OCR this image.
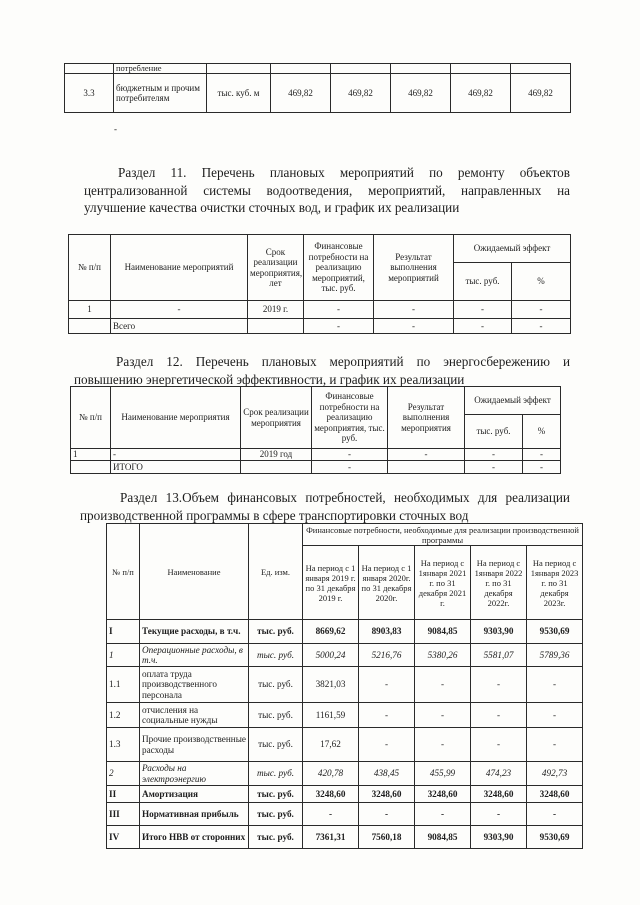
	потребление						
3.3	бюджетным и прочим потребителям	тыс. куб. м	469,82	469,82	469,82	469,82	469,82
-
Раздел 11. Перечень плановых мероприятий по ремонту объектов централизованной системы водоотведения, мероприятий, направленных на улучшение качества очистки сточных вод, и график их реализации
№ п/п	Наименование мероприятий	Срок реализации мероприятия, лет	Финансовые потребности на реализацию мероприятий, тыс. руб.	Результат выполнения мероприятий	Ожидаемый эффект	
					тыс. руб.	%
1	-	2019 г.	-	-	-	-
	Всего		-	-	-	-
Раздел 12. Перечень плановых мероприятий по энергосбережению и повышению энергетической эффективности, и график их реализации
№ п/п	Наименование мероприятия	Срок реализации мероприятия	Финансовые потребности на реализацию мероприятия, тыс. руб.	Результат выполнения мероприятия	Ожидаемый эффект	
					тыс. руб.	%
1	-	2019 год	-	-	-	-
	ИТОГО		-		-	-
Раздел 13.Объем финансовых потребностей, необходимых для реализации производственной программы в сфере транспортировки сточных вод
№ п/п	Наименование	Ед. изм.	Финансовые потребности, необходимые для реализации производственной программы				
			На период с 1 января 2019 г. по 31 декабря 2019 г.	На период с 1 января 2020г. по 31 декабря 2020г.	На период с 1января 2021 г. по 31 декабря 2021 г.	На период с 1января 2022 г. по 31 декабря 2022г.	На период с 1января 2023 г. по 31 декабря 2023г.
I	Текущие расходы, в т.ч.	тыс. руб.	8669,62	8903,83	9084,85	9303,90	9530,69
1	Операционные расходы, в т.ч.	тыс. руб.	5000,24	5216,76	5380,26	5581,07	5789,36
1.1	оплата труда производственного персонала	тыс. руб.	3821,03	-	-	-	-
1.2	отчисления на социальные нужды	тыс. руб.	1161,59	-	-	-	-
1.3	Прочие производственные расходы	тыс. руб.	17,62	-	-	-	-
2	Расходы на электроэнергию	тыс. руб.	420,78	438,45	455,99	474,23	492,73
II	Амортизация	тыс. руб.	3248,60	3248,60	3248,60	3248,60	3248,60
III	Нормативная прибыль	тыс. руб.	-	-	-	-	-
IV	Итого НВВ от сторонних	тыс. руб.	7361,31	7560,18	9084,85	9303,90	9530,69
